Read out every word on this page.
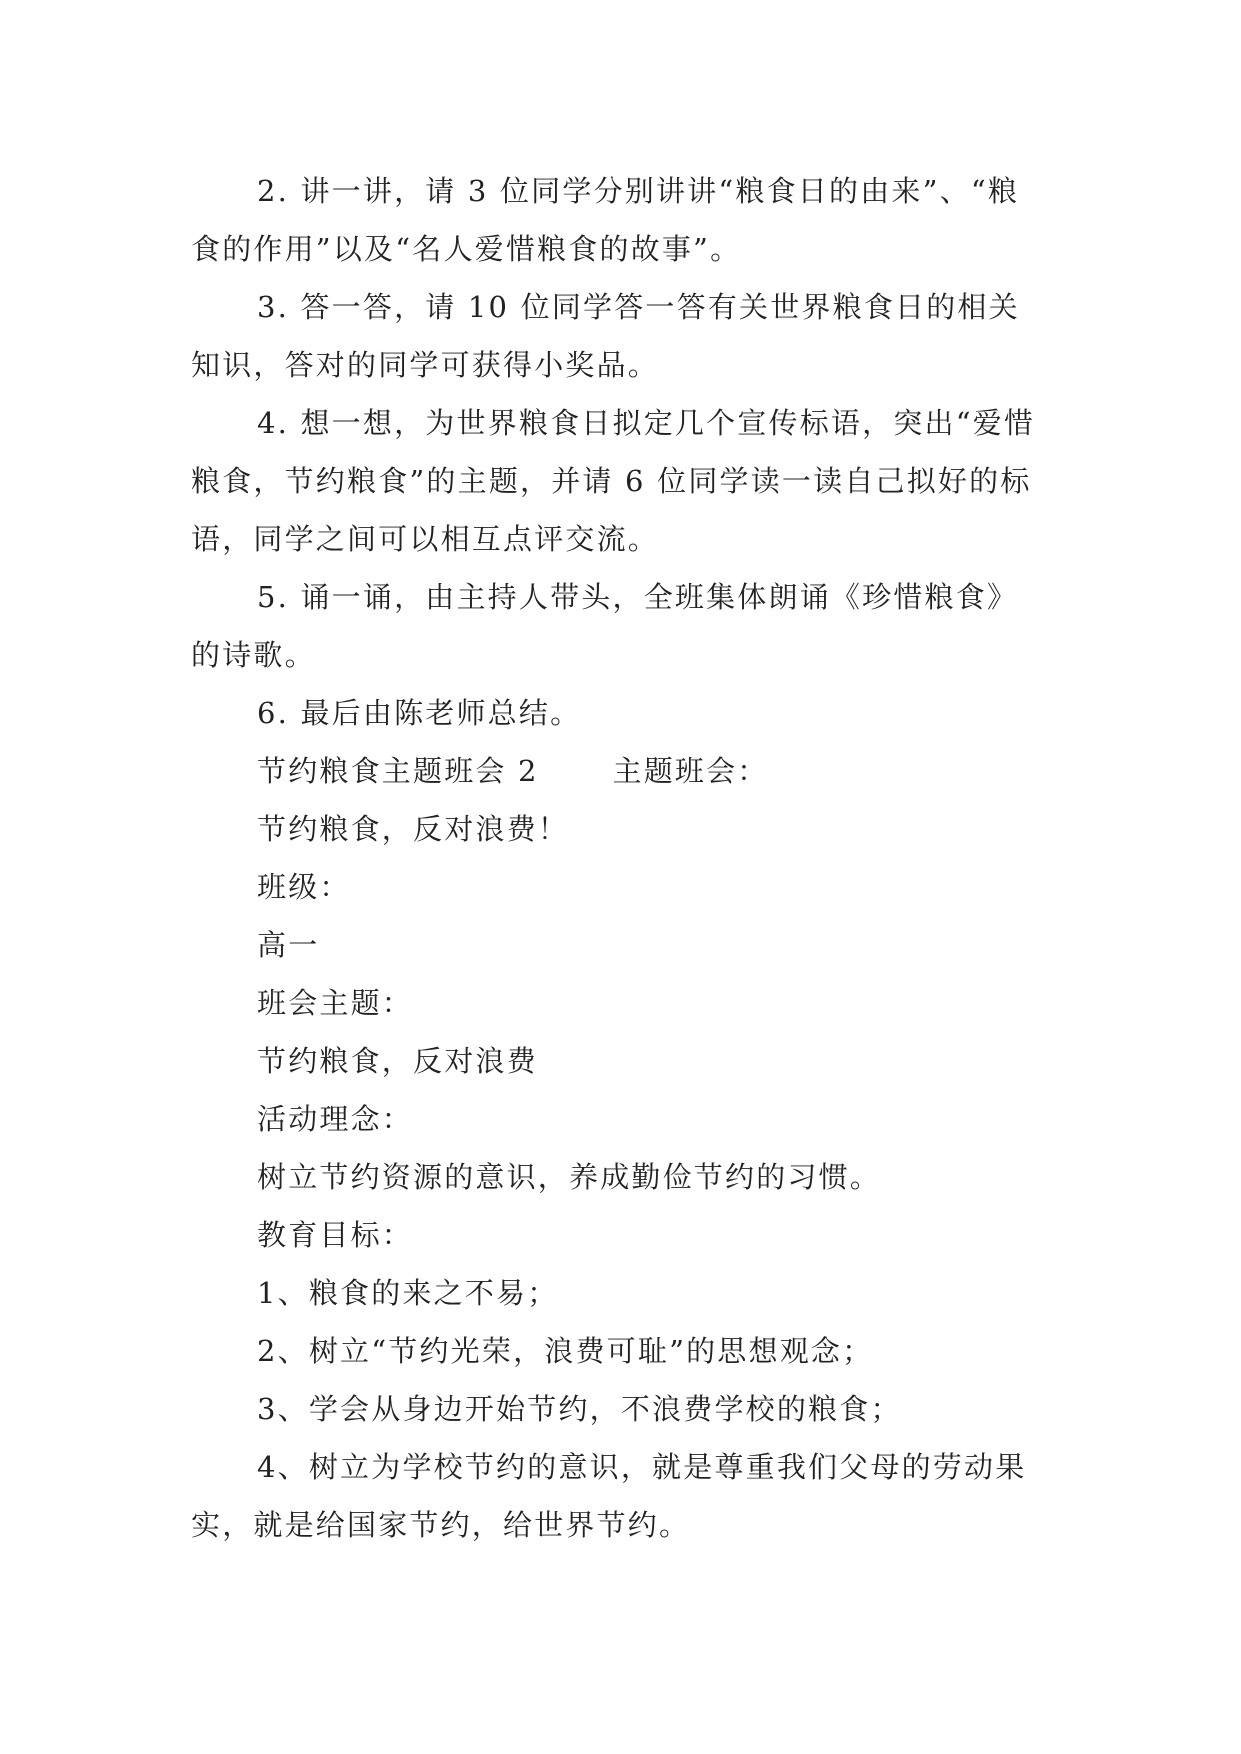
2. 讲一讲，请 3 位同学分别讲讲“粮食日的由来”、“粮食的作用”以及“名人爱惜粮食的故事”。

3. 答一答，请 10 位同学答一答有关世界粮食日的相关知识，答对的同学可获得小奖品。

4. 想一想，为世界粮食日拟定几个宣传标语，突出“爱惜粮食，节约粮食”的主题，并请 6 位同学读一读自己拟好的标语，同学之间可以相互点评交流。

5. 诵一诵，由主持人带头，全班集体朗诵《珍惜粮食》的诗歌。

6. 最后由陈老师总结。

节约粮食主题班会 2　　 主题班会：

节约粮食，反对浪费！

班级：

高一

班会主题：

节约粮食，反对浪费

活动理念：

树立节约资源的意识，养成勤俭节约的习惯。

教育目标：

1、粮食的来之不易；

2、树立“节约光荣，浪费可耻”的思想观念；

3、学会从身边开始节约，不浪费学校的粮食；

4、树立为学校节约的意识，就是尊重我们父母的劳动果实，就是给国家节约，给世界节约。
